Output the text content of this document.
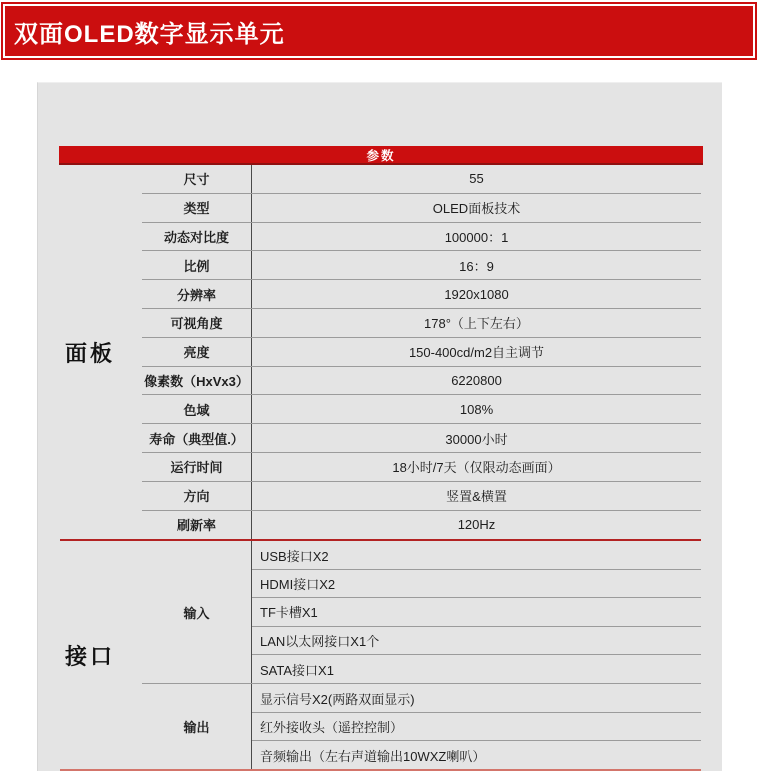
双面OLED数字显示单元
参数
面板
尺寸	55
类型	OLED面板技术
动态对比度	100000：1
比例	16：9
分辨率	1920x1080
可视角度	178°（上下左右）
亮度	150-400cd/m2自主调节
像素数（HxVx3）	6220800
色域	108%
寿命（典型值.）	30000小时
运行时间	18小时/7天（仅限动态画面）
方向	竖置&横置
刷新率	120Hz
接口
输入
USB接口X2
HDMI接口X2
TF卡槽X1
LAN以太网接口X1个
SATA接口X1
输出
显示信号X2(两路双面显示)
红外接收头（遥控控制）
音频输出（左右声道输出10WXZ喇叭）
